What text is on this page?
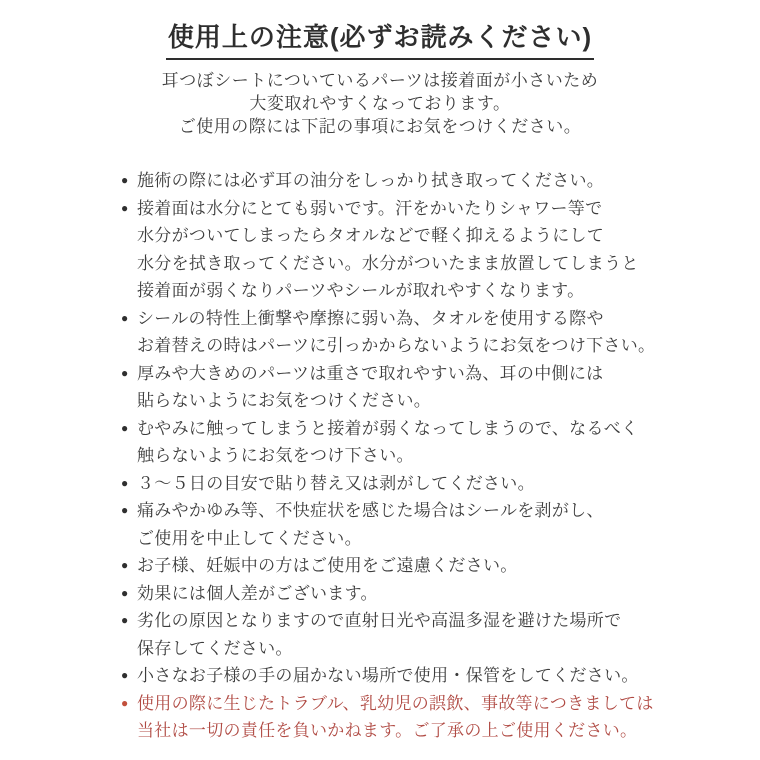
使用上の注意(必ずお読みください)
耳つぼシートについているパーツは接着面が小さいため
大変取れやすくなっております。
ご使用の際には下記の事項にお気をつけください。
● 施術の際には必ず耳の油分をしっかり拭き取ってください。
● 接着面は水分にとても弱いです。汗をかいたりシャワー等で
水分がついてしまったらタオルなどで軽く抑えるようにして
水分を拭き取ってください。水分がついたまま放置してしまうと
接着面が弱くなりパーツやシールが取れやすくなります。
● シールの特性上衝撃や摩擦に弱い為、タオルを使用する際や
お着替えの時はパーツに引っかからないようにお気をつけ下さい。
● 厚みや大きめのパーツは重さで取れやすい為、耳の中側には
貼らないようにお気をつけください。
● むやみに触ってしまうと接着が弱くなってしまうので、なるべく
触らないようにお気をつけ下さい。
● ３～５日の目安で貼り替え又は剥がしてください。
● 痛みやかゆみ等、不快症状を感じた場合はシールを剥がし、
ご使用を中止してください。
● お子様、妊娠中の方はご使用をご遠慮ください。
● 効果には個人差がございます。
● 劣化の原因となりますので直射日光や高温多湿を避けた場所で
保存してください。
● 小さなお子様の手の届かない場所で使用・保管をしてください。
● 使用の際に生じたトラブル、乳幼児の誤飲、事故等につきましては
当社は一切の責任を負いかねます。ご了承の上ご使用ください。
